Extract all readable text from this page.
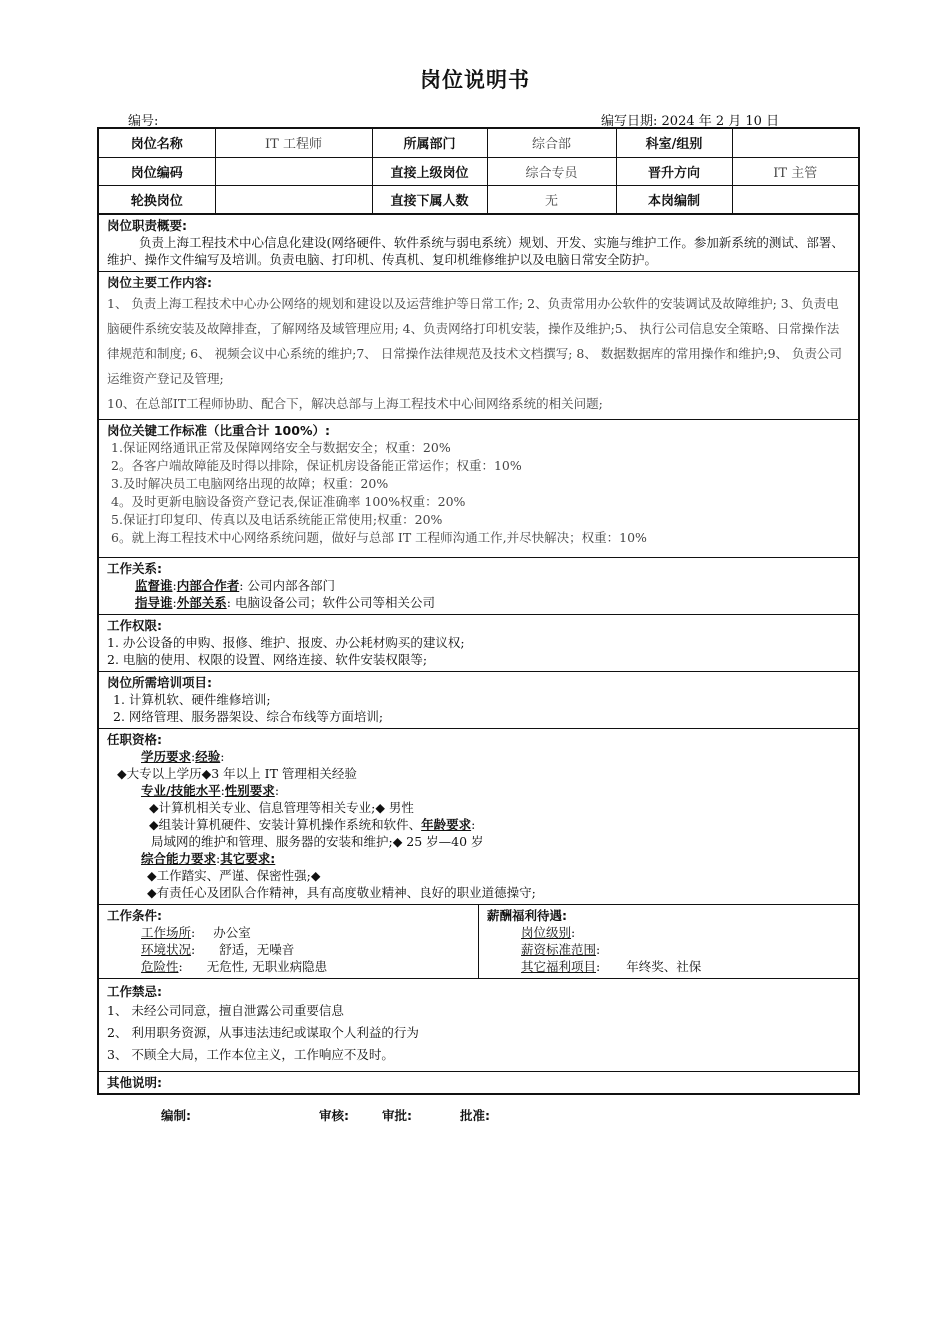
岗位说明书
编号:	编写日期: 2024 年 2 月 10 日
岗位名称	IT 工程师	所属部门	综合部	科室/组别	
岗位编码		直接上级岗位	综合专员	晋升方向	IT 主管
轮换岗位		直接下属人数	无	本岗编制	
岗位职责概要:
负责上海工程技术中心信息化建设(网络硬件、软件系统与弱电系统）规划、开发、实施与维护工作。参加新系统的测试、部署、维护、操作文件编写及培训。负责电脑、打印机、传真机、复印机维修维护以及电脑日常安全防护。
岗位主要工作内容:
1、 负责上海工程技术中心办公网络的规划和建设以及运营维护等日常工作; 2、负责常用办公软件的安装调试及故障维护; 3、负责电脑硬件系统安装及故障排查，了解网络及域管理应用; 4、负责网络打印机安装，操作及维护;5、 执行公司信息安全策略、日常操作法律规范和制度; 6、 视频会议中心系统的维护;7、 日常操作法律规范及技术文档撰写; 8、 数据数据库的常用操作和维护;9、 负责公司运维资产登记及管理;
10、在总部IT工程师协助、配合下，解决总部与上海工程技术中心间网络系统的相关问题;
岗位关键工作标准（比重合计 100%）:
1.保证网络通讯正常及保障网络安全与数据安全；权重：20%
2。各客户端故障能及时得以排除，保证机房设备能正常运作；权重：10%
3.及时解决员工电脑网络出现的故障；权重：20%
4。及时更新电脑设备资产登记表,保证准确率 100%权重：20%
5.保证打印复印、传真以及电话系统能正常使用;权重：20%
6。就上海工程技术中心网络系统问题，做好与总部 IT 工程师沟通工作,并尽快解决；权重：10%
工作关系:
监督谁:内部合作者: 公司内部各部门
指导谁:外部关系: 电脑设备公司；软件公司等相关公司
工作权限:
1. 办公设备的申购、报修、维护、报废、办公耗材购买的建议权;
2. 电脑的使用、权限的设置、网络连接、软件安装权限等;
岗位所需培训项目:
1. 计算机软、硬件维修培训;
2. 网络管理、服务器架设、综合布线等方面培训;
任职资格:
学历要求:经验:
◆大专以上学历◆3 年以上 IT 管理相关经验
专业/技能水平:性别要求:
◆计算机相关专业、信息管理等相关专业;◆ 男性
◆组装计算机硬件、安装计算机操作系统和软件、年龄要求:
局域网的维护和管理、服务器的安装和维护;◆ 25 岁—40 岁
综合能力要求:其它要求:
◆工作踏实、严谨、保密性强;◆
◆有责任心及团队合作精神，具有高度敬业精神、良好的职业道德操守;
工作条件:
工作场所: 办公室
环境状况: 舒适，无噪音
危险性: 无危性, 无职业病隐患
薪酬福利待遇:
岗位级别:
薪资标准范围:
其它福利项目: 年终奖、社保
工作禁忌:
1、 未经公司同意，擅自泄露公司重要信息
2、 利用职务资源，从事违法违纪或谋取个人利益的行为
3、 不顾全大局，工作本位主义，工作响应不及时。
其他说明:
编制:	审核:	审批:	批准:
